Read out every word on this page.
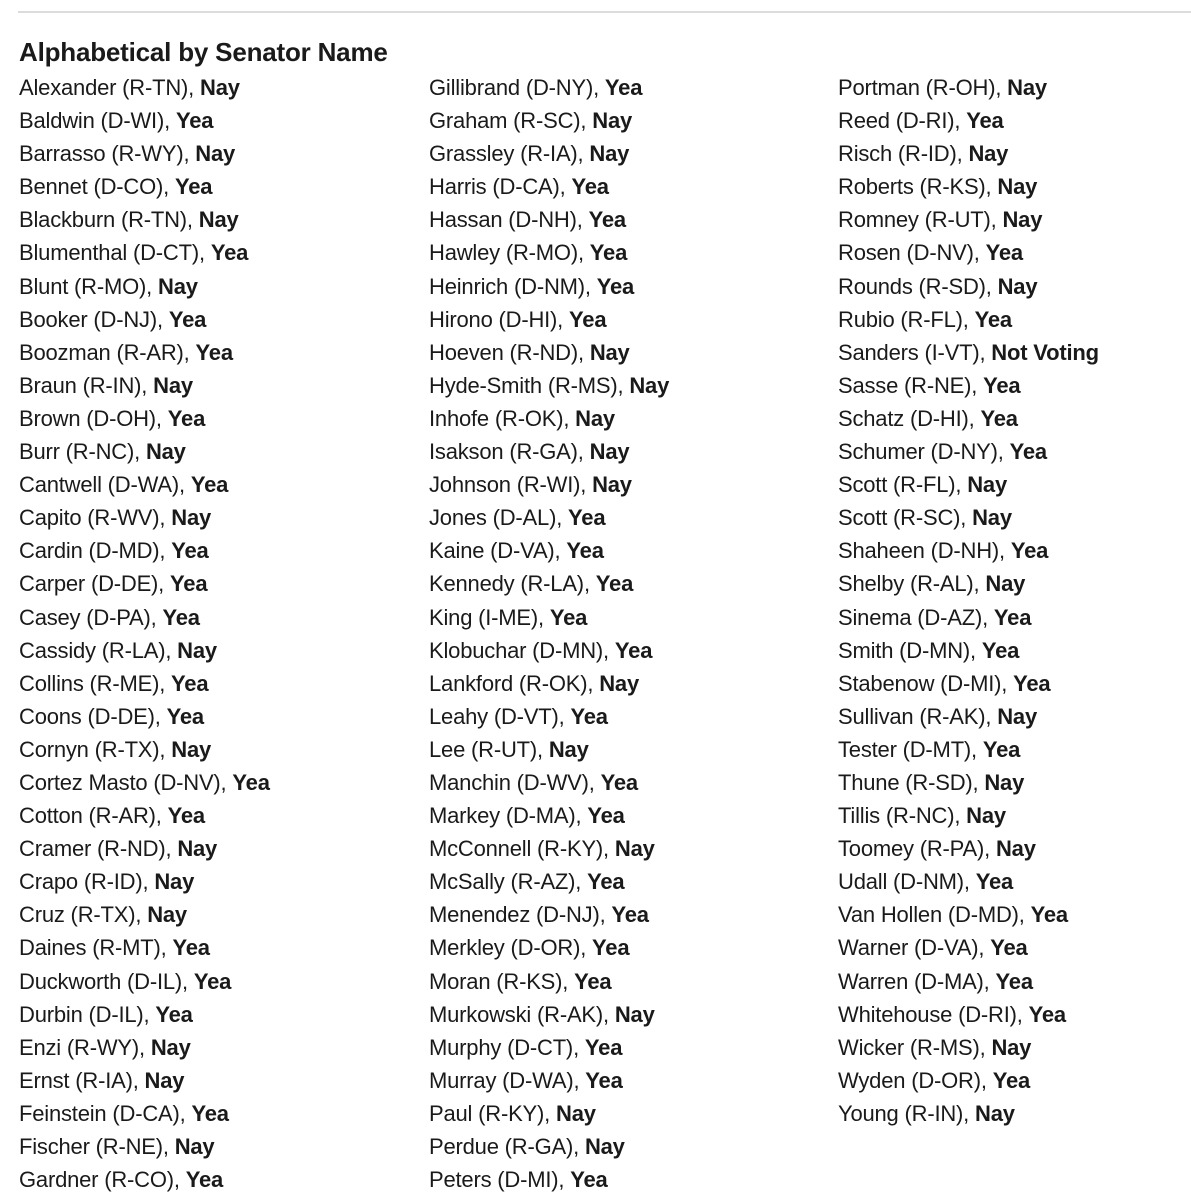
Alphabetical by Senator Name
Alexander (R-TN), Nay
Baldwin (D-WI), Yea
Barrasso (R-WY), Nay
Bennet (D-CO), Yea
Blackburn (R-TN), Nay
Blumenthal (D-CT), Yea
Blunt (R-MO), Nay
Booker (D-NJ), Yea
Boozman (R-AR), Yea
Braun (R-IN), Nay
Brown (D-OH), Yea
Burr (R-NC), Nay
Cantwell (D-WA), Yea
Capito (R-WV), Nay
Cardin (D-MD), Yea
Carper (D-DE), Yea
Casey (D-PA), Yea
Cassidy (R-LA), Nay
Collins (R-ME), Yea
Coons (D-DE), Yea
Cornyn (R-TX), Nay
Cortez Masto (D-NV), Yea
Cotton (R-AR), Yea
Cramer (R-ND), Nay
Crapo (R-ID), Nay
Cruz (R-TX), Nay
Daines (R-MT), Yea
Duckworth (D-IL), Yea
Durbin (D-IL), Yea
Enzi (R-WY), Nay
Ernst (R-IA), Nay
Feinstein (D-CA), Yea
Fischer (R-NE), Nay
Gardner (R-CO), Yea
Gillibrand (D-NY), Yea
Graham (R-SC), Nay
Grassley (R-IA), Nay
Harris (D-CA), Yea
Hassan (D-NH), Yea
Hawley (R-MO), Yea
Heinrich (D-NM), Yea
Hirono (D-HI), Yea
Hoeven (R-ND), Nay
Hyde-Smith (R-MS), Nay
Inhofe (R-OK), Nay
Isakson (R-GA), Nay
Johnson (R-WI), Nay
Jones (D-AL), Yea
Kaine (D-VA), Yea
Kennedy (R-LA), Yea
King (I-ME), Yea
Klobuchar (D-MN), Yea
Lankford (R-OK), Nay
Leahy (D-VT), Yea
Lee (R-UT), Nay
Manchin (D-WV), Yea
Markey (D-MA), Yea
McConnell (R-KY), Nay
McSally (R-AZ), Yea
Menendez (D-NJ), Yea
Merkley (D-OR), Yea
Moran (R-KS), Yea
Murkowski (R-AK), Nay
Murphy (D-CT), Yea
Murray (D-WA), Yea
Paul (R-KY), Nay
Perdue (R-GA), Nay
Peters (D-MI), Yea
Portman (R-OH), Nay
Reed (D-RI), Yea
Risch (R-ID), Nay
Roberts (R-KS), Nay
Romney (R-UT), Nay
Rosen (D-NV), Yea
Rounds (R-SD), Nay
Rubio (R-FL), Yea
Sanders (I-VT), Not Voting
Sasse (R-NE), Yea
Schatz (D-HI), Yea
Schumer (D-NY), Yea
Scott (R-FL), Nay
Scott (R-SC), Nay
Shaheen (D-NH), Yea
Shelby (R-AL), Nay
Sinema (D-AZ), Yea
Smith (D-MN), Yea
Stabenow (D-MI), Yea
Sullivan (R-AK), Nay
Tester (D-MT), Yea
Thune (R-SD), Nay
Tillis (R-NC), Nay
Toomey (R-PA), Nay
Udall (D-NM), Yea
Van Hollen (D-MD), Yea
Warner (D-VA), Yea
Warren (D-MA), Yea
Whitehouse (D-RI), Yea
Wicker (R-MS), Nay
Wyden (D-OR), Yea
Young (R-IN), Nay
